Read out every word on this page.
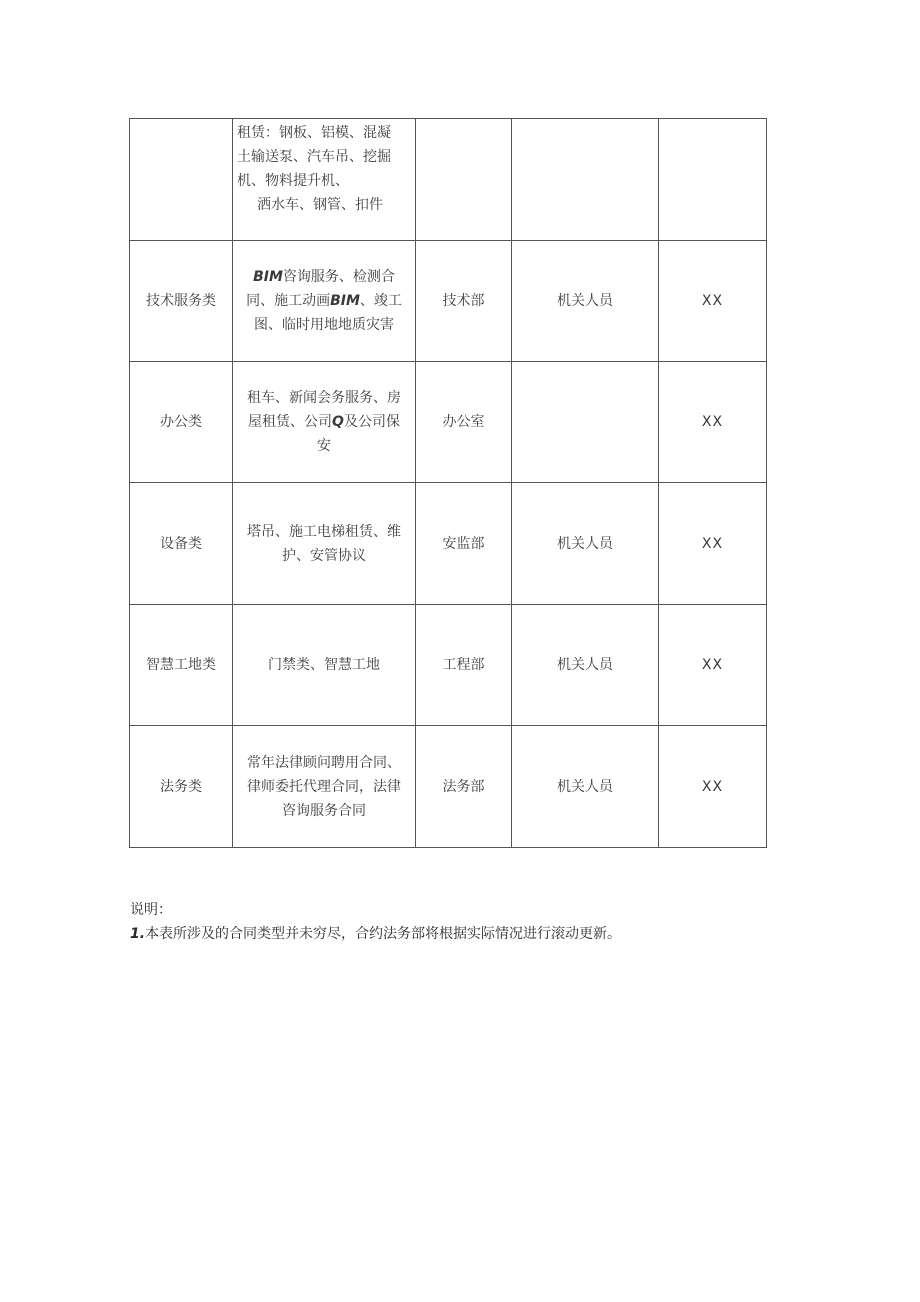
	租赁：钢板、铝模、混凝
土输送泵、汽车吊、挖掘
机、物料提升机、
洒水车、钢管、扣件			

技术服务类	BIM咨询服务、检测合
同、施工动画BIM、竣工
图、临时用地地质灾害	技术部	机关人员	XX
办公类	租车、新闻会务服务、房
屋租赁、公司Q及公司保
安	办公室		XX
设备类	塔吊、施工电梯租赁、维
护、安管协议	安监部	机关人员	XX
智慧工地类	门禁类、智慧工地	工程部	机关人员	XX
法务类	常年法律顾问聘用合同、
律师委托代理合同，法律
咨询服务合同	法务部	机关人员	XX
说明：
1.本表所涉及的合同类型并未穷尽，合约法务部将根据实际情况进行滚动更新。
